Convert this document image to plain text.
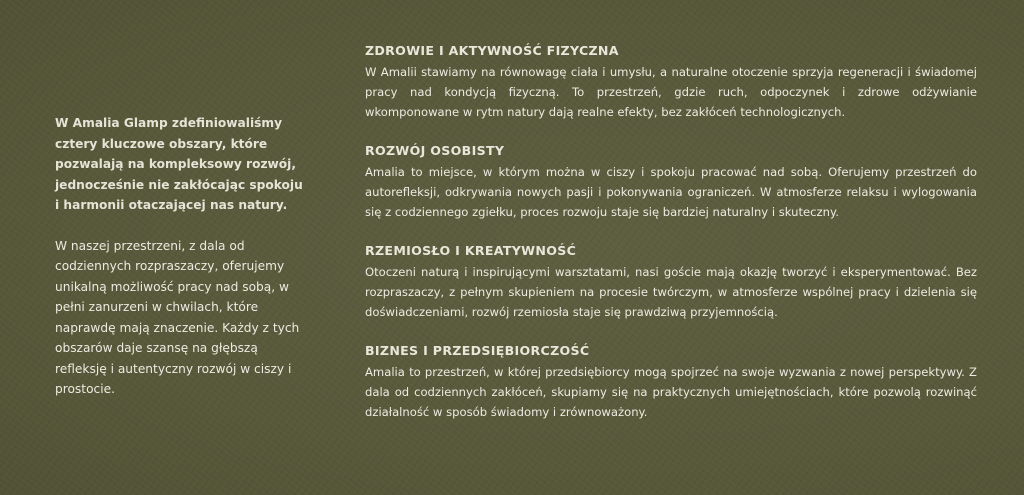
W Amalia Glamp zdefiniowaliśmy cztery kluczowe obszary, które pozwalają na kompleksowy rozwój, jednocześnie nie zakłócając spokoju i harmonii otaczającej nas natury.

W naszej przestrzeni, z dala od codziennych rozpraszaczy, oferujemy unikalną możliwość pracy nad sobą, w pełni zanurzeni w chwilach, które naprawdę mają znaczenie. Każdy z tych obszarów daje szansę na głębszą refleksję i autentyczny rozwój w ciszy i prostocie.

ZDROWIE I AKTYWNOŚĆ FIZYCZNA

W Amalii stawiamy na równowagę ciała i umysłu, a naturalne otoczenie sprzyja regeneracji i świadomej pracy nad kondycją fizyczną. To przestrzeń, gdzie ruch, odpoczynek i zdrowe odżywianie wkomponowane w rytm natury dają realne efekty, bez zakłóceń technologicznych.

ROZWÓJ OSOBISTY

Amalia to miejsce, w którym można w ciszy i spokoju pracować nad sobą. Oferujemy przestrzeń do autorefleksji, odkrywania nowych pasji i pokonywania ograniczeń. W atmosferze relaksu i wylogowania się z codziennego zgiełku, proces rozwoju staje się bardziej naturalny i skuteczny.

RZEMIOSŁO I KREATYWNOŚĆ

Otoczeni naturą i inspirującymi warsztatami, nasi goście mają okazję tworzyć i eksperymentować. Bez rozpraszaczy, z pełnym skupieniem na procesie twórczym, w atmosferze wspólnej pracy i dzielenia się doświadczeniami, rozwój rzemiosła staje się prawdziwą przyjemnością.

BIZNES I PRZEDSIĘBIORCZOŚĆ

Amalia to przestrzeń, w której przedsiębiorcy mogą spojrzeć na swoje wyzwania z nowej perspektywy. Z dala od codziennych zakłóceń, skupiamy się na praktycznych umiejętnościach, które pozwolą rozwinąć działalność w sposób świadomy i zrównoważony.
